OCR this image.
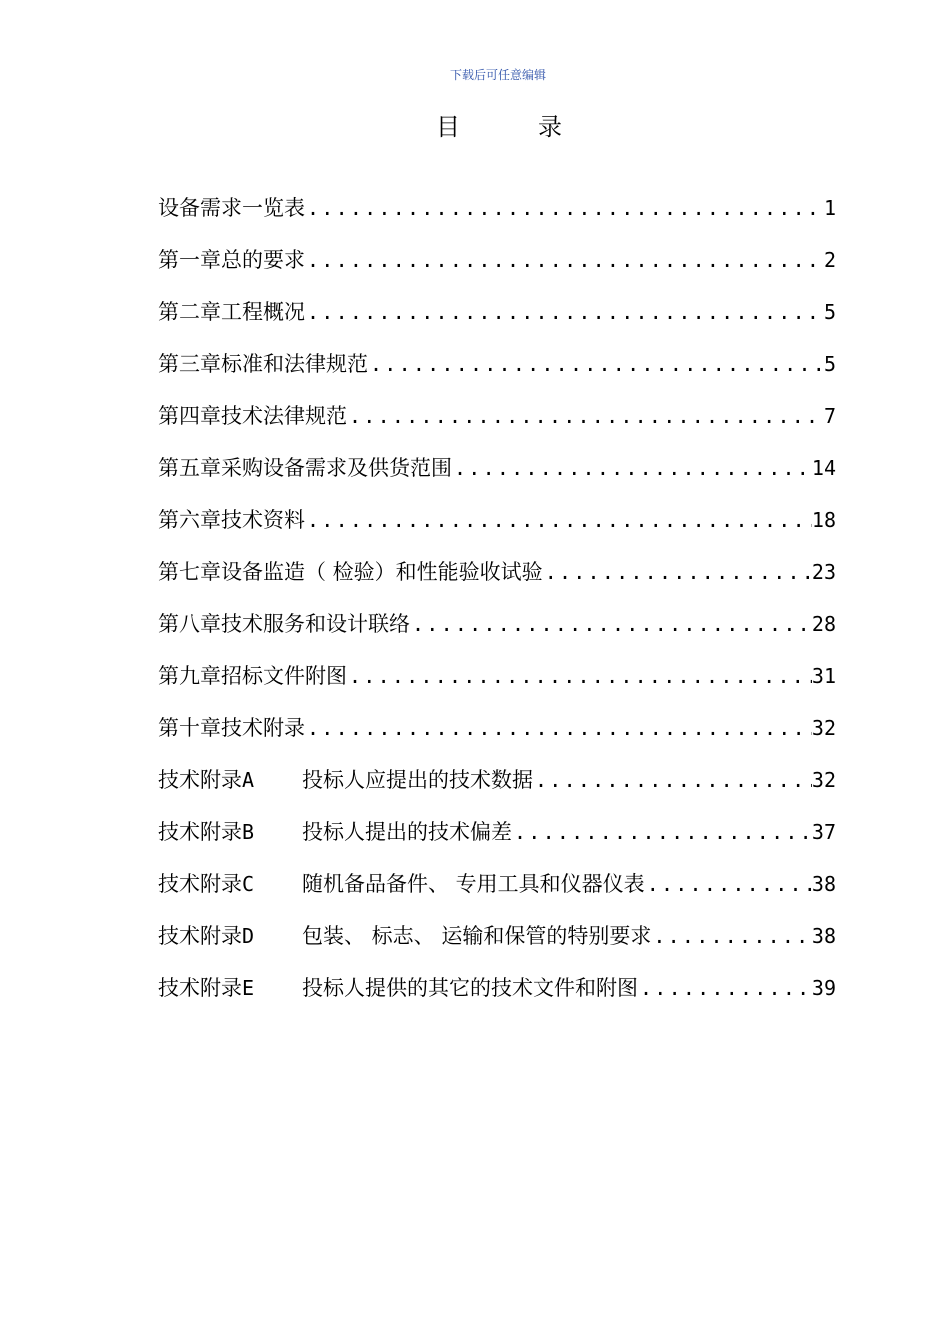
下载后可任意编辑
目	录
设备需求一览表 . . .	1
第一章总的要求 . . .	2
第二章工程概况 . . .	5
第三章标准和法律规范 . . .	5
第四章技术法律规范 . . .	7
第五章采购设备需求及供货范围 . . .	14
第六章技术资料 . . .	18
第七章设备监造（ 检验）和性能验收试验 . . .	23
第八章技术服务和设计联络 . . .	28
第九章招标文件附图 . . .	31
第十章技术附录 . . .	32
技术附录A 投标人应提出的技术数据 . . .	32
技术附录B 投标人提出的技术偏差 . . .	37
技术附录C 随机备品备件、 专用工具和仪器仪表 . . .	38
技术附录D 包装、 标志、 运输和保管的特别要求 . . .	38
技术附录E 投标人提供的其它的技术文件和附图 . . .	39
